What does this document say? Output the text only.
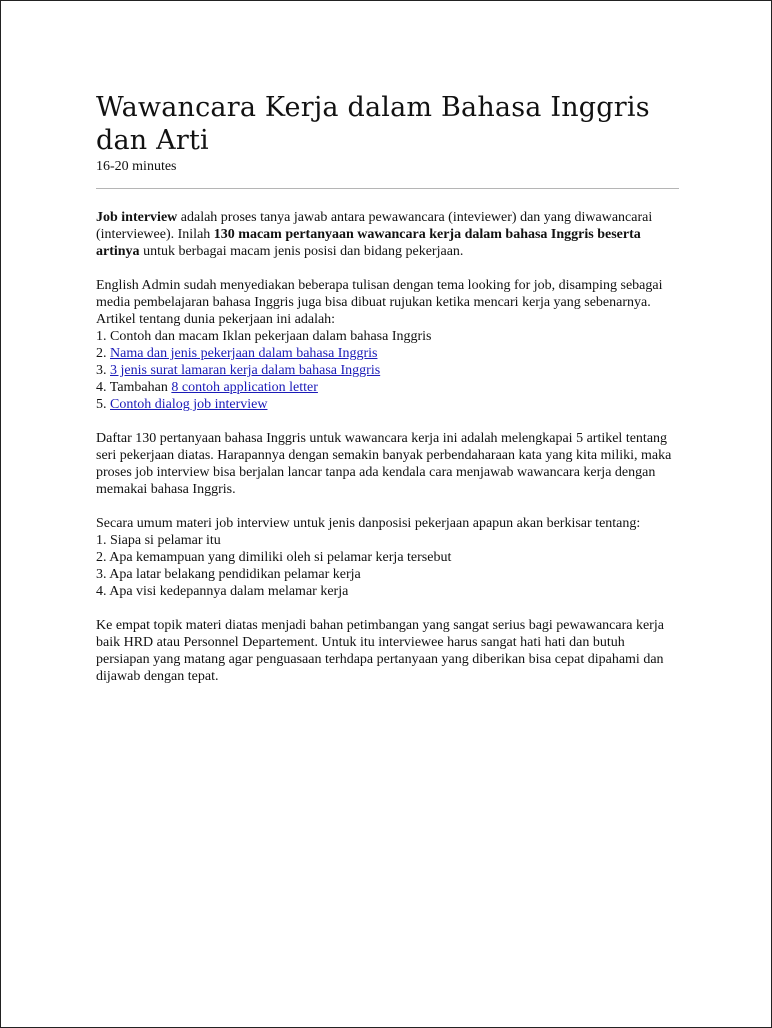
Wawancara Kerja dalam Bahasa Inggris
dan Arti
16-20 minutes

Job interview adalah proses tanya jawab antara pewawancara (inteviewer) dan yang diwawancarai (interviewee). Inilah 130 macam pertanyaan wawancara kerja dalam bahasa Inggris beserta artinya untuk berbagai macam jenis posisi dan bidang pekerjaan.

English Admin sudah menyediakan beberapa tulisan dengan tema looking for job, disamping sebagai media pembelajaran bahasa Inggris juga bisa dibuat rujukan ketika mencari kerja yang sebenarnya. Artikel tentang dunia pekerjaan ini adalah:
1. Contoh dan macam Iklan pekerjaan dalam bahasa Inggris
2. Nama dan jenis pekerjaan dalam bahasa Inggris
3. 3 jenis surat lamaran kerja dalam bahasa Inggris
4. Tambahan 8 contoh application letter
5. Contoh dialog job interview

Daftar 130 pertanyaan bahasa Inggris untuk wawancara kerja ini adalah melengkapai 5 artikel tentang seri pekerjaan diatas. Harapannya dengan semakin banyak perbendaharaan kata yang kita miliki, maka proses job interview bisa berjalan lancar tanpa ada kendala cara menjawab wawancara kerja dengan memakai bahasa Inggris.

Secara umum materi job interview untuk jenis danposisi pekerjaan apapun akan berkisar tentang:
1. Siapa si pelamar itu
2. Apa kemampuan yang dimiliki oleh si pelamar kerja tersebut
3. Apa latar belakang pendidikan pelamar kerja
4. Apa visi kedepannya dalam melamar kerja

Ke empat topik materi diatas menjadi bahan petimbangan yang sangat serius bagi pewawancara kerja baik HRD atau Personnel Departement. Untuk itu interviewee harus sangat hati hati dan butuh persiapan yang matang agar penguasaan terhdapa pertanyaan yang diberikan bisa cepat dipahami dan dijawab dengan tepat.
